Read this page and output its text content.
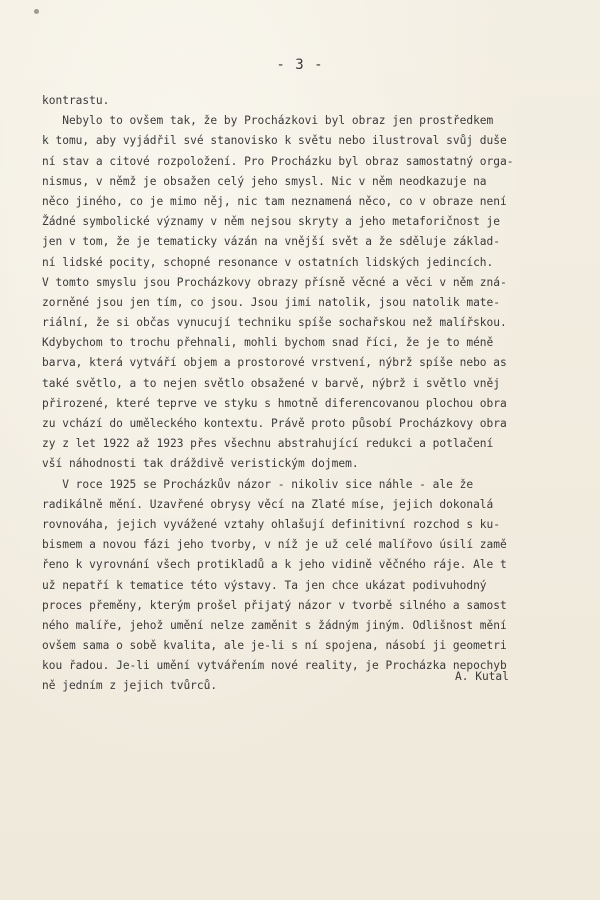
- 3 -
kontrastu.
Nebylo to ovšem tak, že by Procházkovi byl obraz jen prostředkem
k tomu, aby vyjádřil své stanovisko k světu nebo ilustroval svůj duše
ní stav a citové rozpoložení. Pro Procházku byl obraz samostatný orga-
nismus, v němž je obsažen celý jeho smysl. Nic v něm neodkazuje na
něco jiného, co je mimo něj, nic tam neznamená něco, co v obraze není
Žádné symbolické významy v něm nejsou skryty a jeho metaforičnost je
jen v tom, že je tematicky vázán na vnější svět a že sděluje základ-
ní lidské pocity, schopné resonance v ostatních lidských jedincích.
V tomto smyslu jsou Procházkovy obrazy přísně věcné a věci v něm zná-
zorněné jsou jen tím, co jsou. Jsou jimi natolik, jsou natolik mate-
riální, že si občas vynucují techniku spíše sochařskou než malířskou.
Kdybychom to trochu přehnali, mohli bychom snad říci, že je to méně
barva, která vytváří objem a prostorové vrstvení, nýbrž spíše nebo as
také světlo, a to nejen světlo obsažené v barvě, nýbrž i světlo vněj
přirozené, které teprve ve styku s hmotně diferencovanou plochou obra
zu vchází do uměleckého kontextu. Právě proto působí Procházkovy obra
zy z let 1922 až 1923 přes všechnu abstrahující redukci a potlačení
vší náhodnosti tak dráždivě veristickým dojmem.
V roce 1925 se Procházkův názor - nikoliv sice náhle - ale že
radikálně mění. Uzavřené obrysy věcí na Zlaté míse, jejich dokonalá
rovnováha, jejich vyvážené vztahy ohlašují definitivní rozchod s ku-
bismem a novou fázi jeho tvorby, v níž je už celé malířovo úsilí zamě
řeno k vyrovnání všech protikladů a k jeho vidině věčného ráje. Ale t
už nepatří k tematice této výstavy. Ta jen chce ukázat podivuhodný
proces přeměny, kterým prošel přijatý názor v tvorbě silného a samost
ného malíře, jehož umění nelze zaměnit s žádným jiným. Odlišnost mění
ovšem sama o sobě kvalita, ale je-li s ní spojena, násobí ji geometri
kou řadou. Je-li umění vytvářením nové reality, je Procházka nepochyb
ně jedním z jejich tvůrců.
A. Kutal
